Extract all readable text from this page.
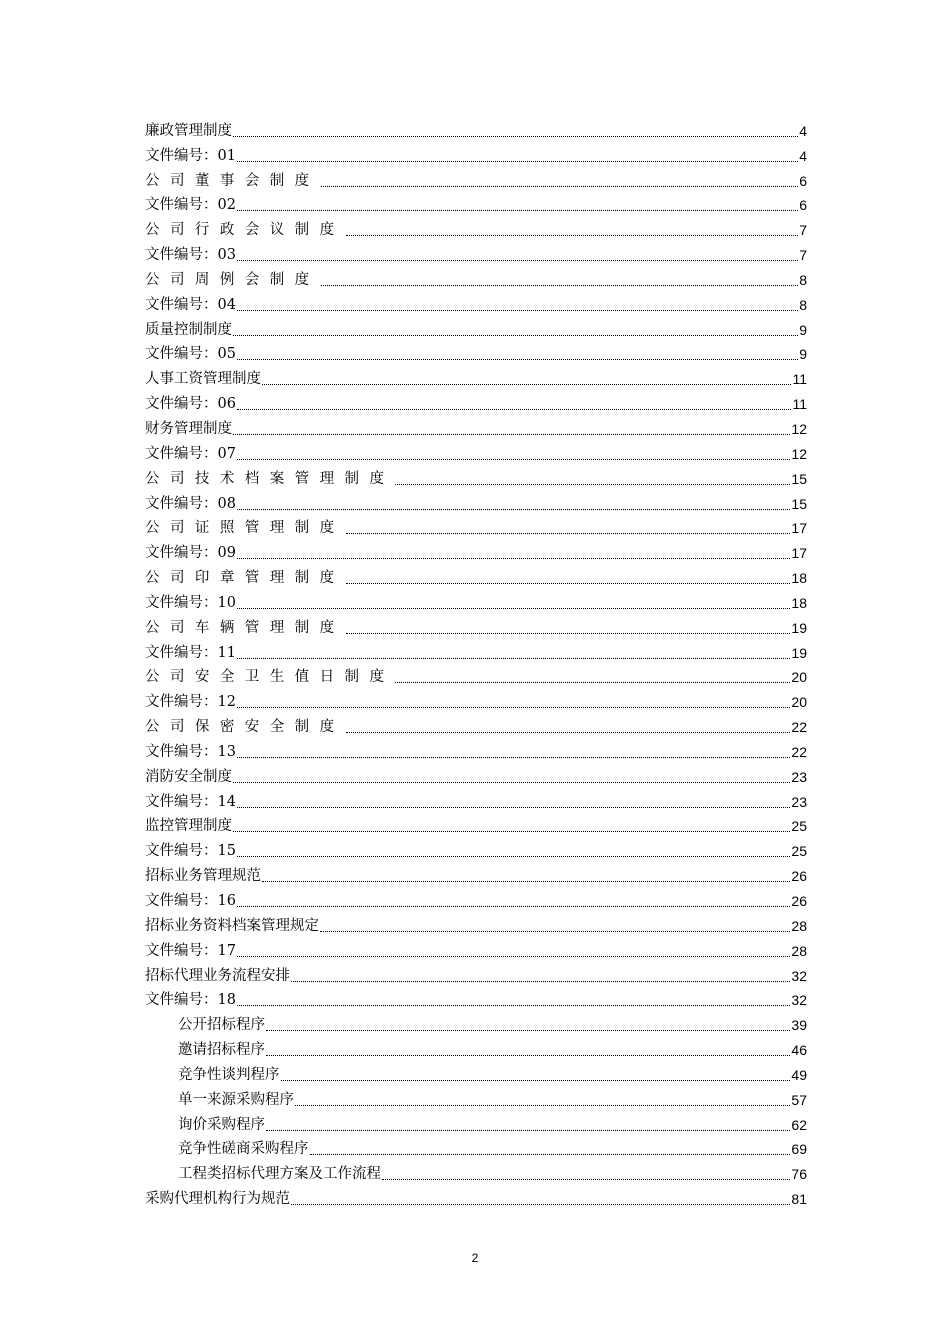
廉政管理制度	4
文件编号：01	4
公司董事会制度	6
文件编号：02	6
公司行政会议制度	7
文件编号：03	7
公司周例会制度	8
文件编号：04	8
质量控制制度	9
文件编号：05	9
人事工资管理制度	11
文件编号：06	11
财务管理制度	12
文件编号：07	12
公司技术档案管理制度	15
文件编号：08	15
公司证照管理制度	17
文件编号：09	17
公司印章管理制度	18
文件编号：10	18
公司车辆管理制度	19
文件编号：11	19
公司安全卫生值日制度	20
文件编号：12	20
公司保密安全制度	22
文件编号：13	22
消防安全制度	23
文件编号：14	23
监控管理制度	25
文件编号：15	25
招标业务管理规范	26
文件编号：16	26
招标业务资料档案管理规定	28
文件编号：17	28
招标代理业务流程安排	32
文件编号：18	32
公开招标程序	39
邀请招标程序	46
竞争性谈判程序	49
单一来源采购程序	57
询价采购程序	62
竞争性磋商采购程序	69
工程类招标代理方案及工作流程	76
采购代理机构行为规范	81
2
